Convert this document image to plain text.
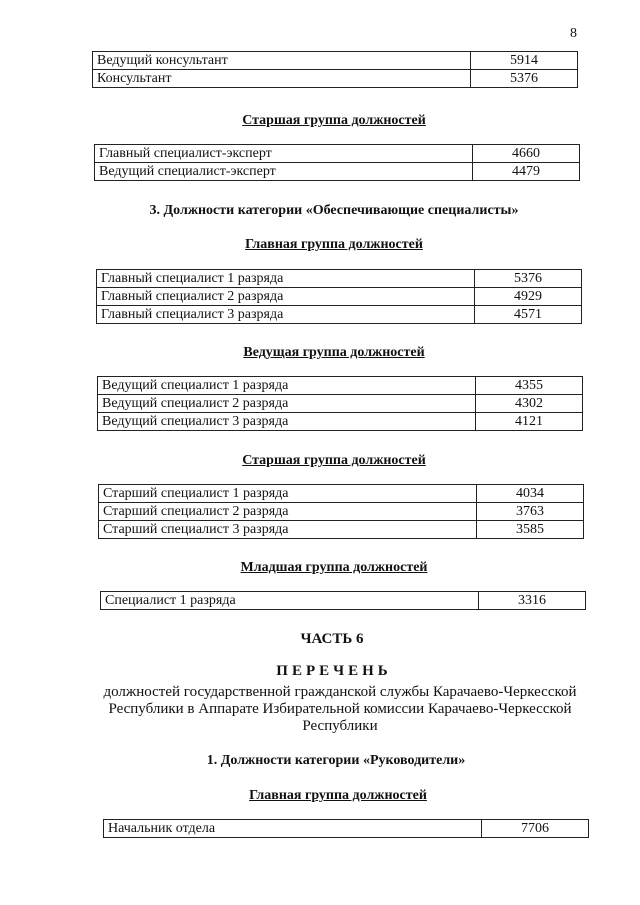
8
Ведущий консультант	5914
Консультант	5376
Старшая группа должностей
Главный специалист-эксперт	4660
Ведущий специалист-эксперт	4479
3. Должности категории «Обеспечивающие специалисты»
Главная группа должностей
Главный специалист 1 разряда	5376
Главный специалист 2 разряда	4929
Главный специалист 3 разряда	4571
Ведущая группа должностей
Ведущий специалист 1 разряда	4355
Ведущий специалист 2 разряда	4302
Ведущий специалист 3 разряда	4121
Старшая группа должностей
Старший специалист 1 разряда	4034
Старший специалист 2 разряда	3763
Старший специалист 3 разряда	3585
Младшая группа должностей
Специалист 1 разряда	3316
ЧАСТЬ 6
ПЕРЕЧЕНЬ
должностей государственной гражданской службы Карачаево-Черкесской Республики в Аппарате Избирательной комиссии Карачаево-Черкесской Республики
1. Должности категории «Руководители»
Главная группа должностей
Начальник отдела	7706
